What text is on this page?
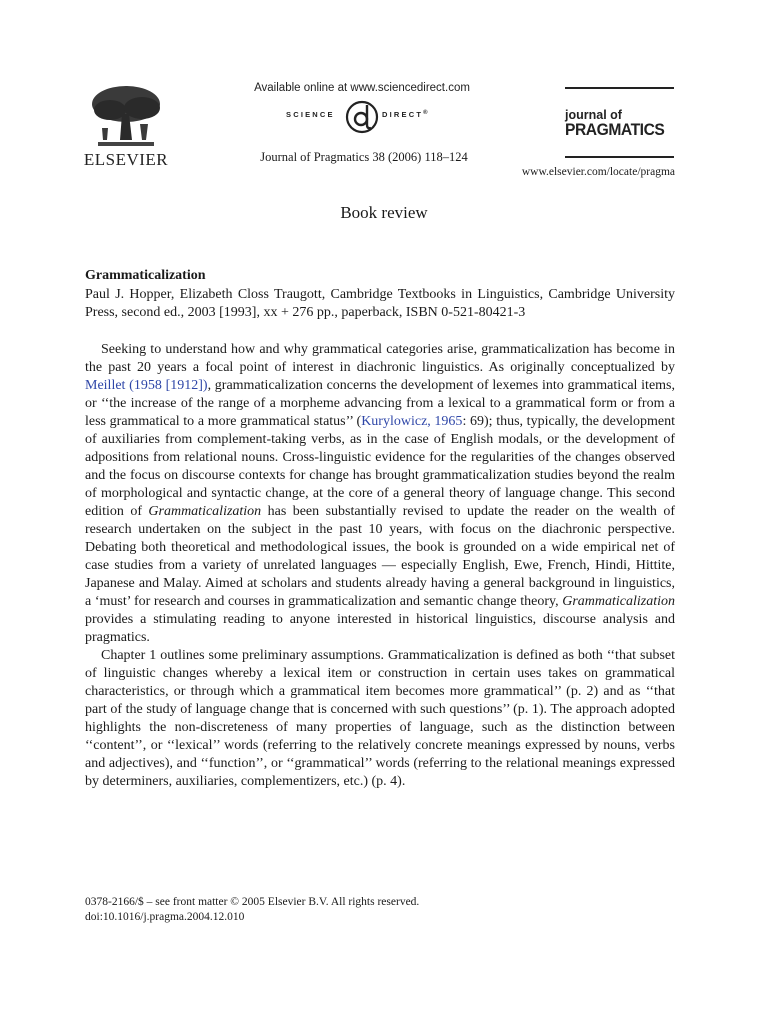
ELSEVIER
Available online at www.sciencedirect.com
SCIENCE	DIRECT®
Journal of Pragmatics 38 (2006) 118–124
journal of
PRAGMATICS
www.elsevier.com/locate/pragma
Book review
Grammaticalization
Paul J. Hopper, Elizabeth Closs Traugott, Cambridge Textbooks in Linguistics, Cambridge University Press, second ed., 2003 [1993], xx + 276 pp., paperback, ISBN 0-521-80421-3

Seeking to understand how and why grammatical categories arise, grammaticalization has become in the past 20 years a focal point of interest in diachronic linguistics. As originally conceptualized by Meillet (1958 [1912]), grammaticalization concerns the development of lexemes into grammatical items, or ‘‘the increase of the range of a morpheme advancing from a lexical to a grammatical form or from a less grammatical to a more grammatical status’’ (Kurylowicz, 1965: 69); thus, typically, the development of auxiliaries from complement-taking verbs, as in the case of English modals, or the development of adpositions from relational nouns. Cross-linguistic evidence for the regularities of the changes observed and the focus on discourse contexts for change has brought grammaticalization studies beyond the realm of morphological and syntactic change, at the core of a general theory of language change. This second edition of Grammaticalization has been substantially revised to update the reader on the wealth of research undertaken on the subject in the past 10 years, with focus on the diachronic perspective. Debating both theoretical and methodological issues, the book is grounded on a wide empirical net of case studies from a variety of unrelated languages — especially English, Ewe, French, Hindi, Hittite, Japanese and Malay. Aimed at scholars and students already having a general background in linguistics, a ‘must’ for research and courses in grammaticalization and semantic change theory, Grammaticalization provides a stimulating reading to anyone interested in historical linguistics, discourse analysis and pragmatics.

Chapter 1 outlines some preliminary assumptions. Grammaticalization is defined as both ‘‘that subset of linguistic changes whereby a lexical item or construction in certain uses takes on grammatical characteristics, or through which a grammatical item becomes more grammatical’’ (p. 2) and as ‘‘that part of the study of language change that is concerned with such questions’’ (p. 1). The approach adopted highlights the non-discreteness of many properties of language, such as the distinction between ‘‘content’’, or ‘‘lexical’’ words (referring to the relatively concrete meanings expressed by nouns, verbs and adjectives), and ‘‘function’’, or ‘‘grammatical’’ words (referring to the relational meanings expressed by determiners, auxiliaries, complementizers, etc.) (p. 4).

0378-2166/$ – see front matter © 2005 Elsevier B.V. All rights reserved.
doi:10.1016/j.pragma.2004.12.010
